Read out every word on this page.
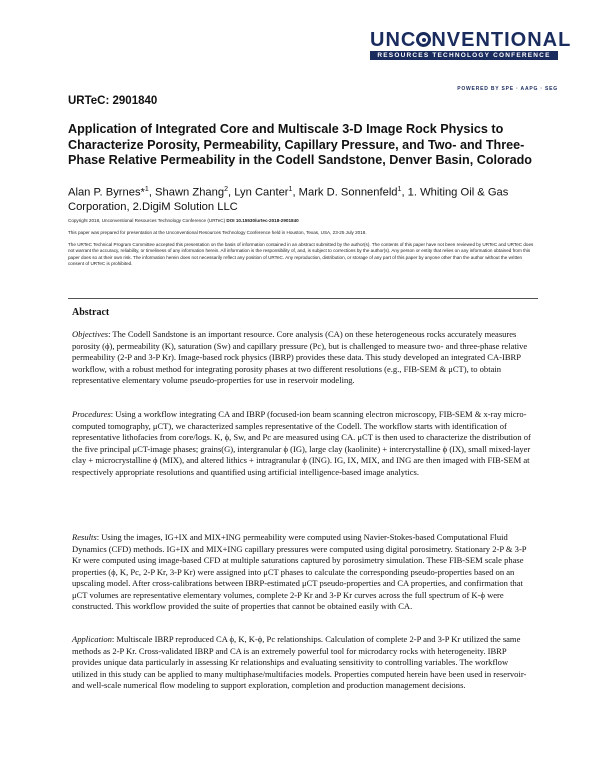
UNC NVENTIONAL
RESOURCES TECHNOLOGY CONFERENCE
POWERED BY SPE · AAPG · SEG
URTeC: 2901840
Application of Integrated Core and Multiscale 3-D Image Rock Physics to Characterize Porosity, Permeability, Capillary Pressure, and Two- and Three-Phase Relative Permeability in the Codell Sandstone, Denver Basin, Colorado
Alan P. Byrnes*$^1$, Shawn Zhang$^2$, Lyn Canter$^1$, Mark D. Sonnenfeld$^1$, 1. Whiting Oil & Gas Corporation, 2.DigiM Solution LLC
Copyright 2018, Unconventional Resources Technology Conference (URTeC) DOI 10.15530/urtec-2018-2901840
This paper was prepared for presentation at the Unconventional Resources Technology Conference held in Houston, Texas, USA, 23-25 July 2018.
The URTeC Technical Program Committee accepted this presentation on the basis of information contained in an abstract submitted by the author(s). The contents of this paper have not been reviewed by URTeC and URTeC does not warrant the accuracy, reliability, or timeliness of any information herein. All information is the responsibility of, and, is subject to corrections by the author(s). Any person or entity that relies on any information obtained from this paper does so at their own risk. The information herein does not necessarily reflect any position of URTeC. Any reproduction, distribution, or storage of any part of this paper by anyone other than the author without the written consent of URTeC is prohibited.
Abstract

Objectives: The Codell Sandstone is an important resource. Core analysis (CA) on these heterogeneous rocks accurately measures porosity (ϕ), permeability (K), saturation (Sw) and capillary pressure (Pc), but is challenged to measure two- and three-phase relative permeability (2-P and 3-P Kr). Image-based rock physics (IBRP) provides these data. This study developed an integrated CA-IBRP workflow, with a robust method for integrating porosity phases at two different resolutions (e.g., FIB-SEM & μCT), to obtain representative elementary volume pseudo-properties for use in reservoir modeling.

Procedures: Using a workflow integrating CA and IBRP (focused-ion beam scanning electron microscopy, FIB-SEM & x-ray micro-computed tomography, μCT), we characterized samples representative of the Codell. The workflow starts with identification of representative lithofacies from core/logs. K, ϕ, Sw, and Pc are measured using CA. μCT is then used to characterize the distribution of the five principal μCT-image phases; grains(G), intergranular ϕ (IG), large clay (kaolinite) + intercrystalline ϕ (IX), small mixed-layer clay + microcrystalline ϕ (MIX), and altered lithics + intragranular ϕ (ING). IG, IX, MIX, and ING are then imaged with FIB-SEM at respectively appropriate resolutions and quantified using artificial intelligence-based image analytics.

Results: Using the images, IG+IX and MIX+ING permeability were computed using Navier-Stokes-based Computational Fluid Dynamics (CFD) methods. IG+IX and MIX+ING capillary pressures were computed using digital porosimetry. Stationary 2-P & 3-P Kr were computed using image-based CFD at multiple saturations captured by porosimetry simulation. These FIB-SEM scale phase properties (ϕ, K, Pc, 2-P Kr, 3-P Kr) were assigned into μCT phases to calculate the corresponding pseudo-properties based on an upscaling model. After cross-calibrations between IBRP-estimated μCT pseudo-properties and CA properties, and confirmation that μCT volumes are representative elementary volumes, complete 2-P Kr and 3-P Kr curves across the full spectrum of K-ϕ were constructed. This workflow provided the suite of properties that cannot be obtained easily with CA.

Application: Multiscale IBRP reproduced CA ϕ, K, K-ϕ, Pc relationships. Calculation of complete 2-P and 3-P Kr utilized the same methods as 2-P Kr. Cross-validated IBRP and CA is an extremely powerful tool for microdarcy rocks with heterogeneity. IBRP provides unique data particularly in assessing Kr relationships and evaluating sensitivity to controlling variables. The workflow utilized in this study can be applied to many multiphase/multifacies models. Properties computed herein have been used in reservoir- and well-scale numerical flow modeling to support exploration, completion and production management decisions.
